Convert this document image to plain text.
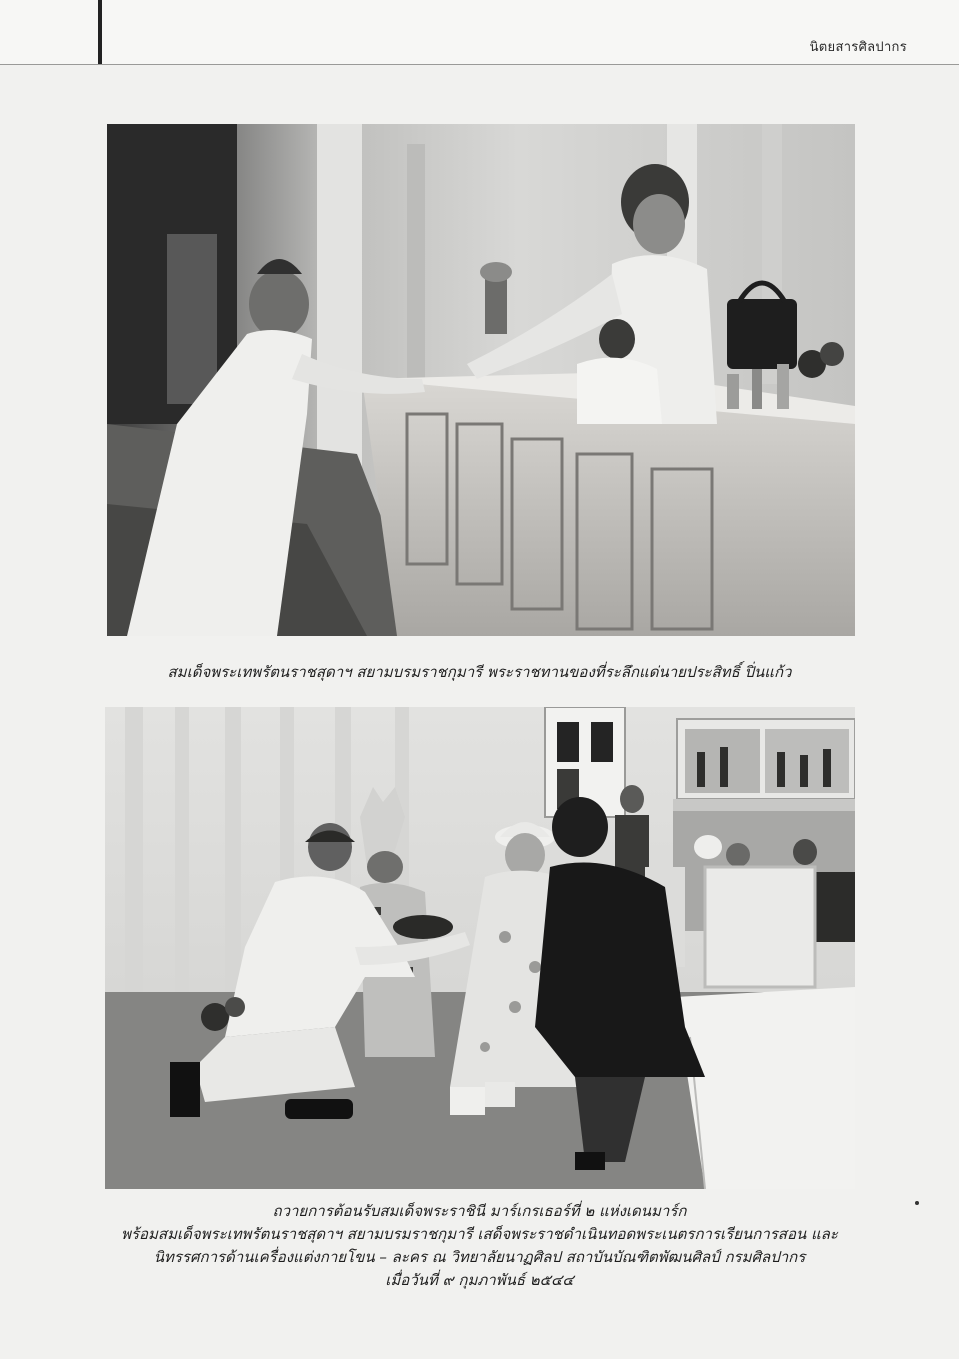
นิตยสารศิลปากร
สมเด็จพระเทพรัตนราชสุดาฯ สยามบรมราชกุมารี พระราชทานของที่ระลึกแด่นายประสิทธิ์ ปิ่นแก้ว
ถวายการต้อนรับสมเด็จพระราชินี มาร์เกรเธอร์ที่ ๒ แห่งเดนมาร์ก
พร้อมสมเด็จพระเทพรัตนราชสุดาฯ สยามบรมราชกุมารี เสด็จพระราชดำเนินทอดพระเนตรการเรียนการสอน และ
นิทรรศการด้านเครื่องแต่งกายโขน – ละคร ณ วิทยาลัยนาฏศิลป สถาบันบัณฑิตพัฒนศิลป์ กรมศิลปากร
เมื่อวันที่ ๙ กุมภาพันธ์ ๒๕๔๔
